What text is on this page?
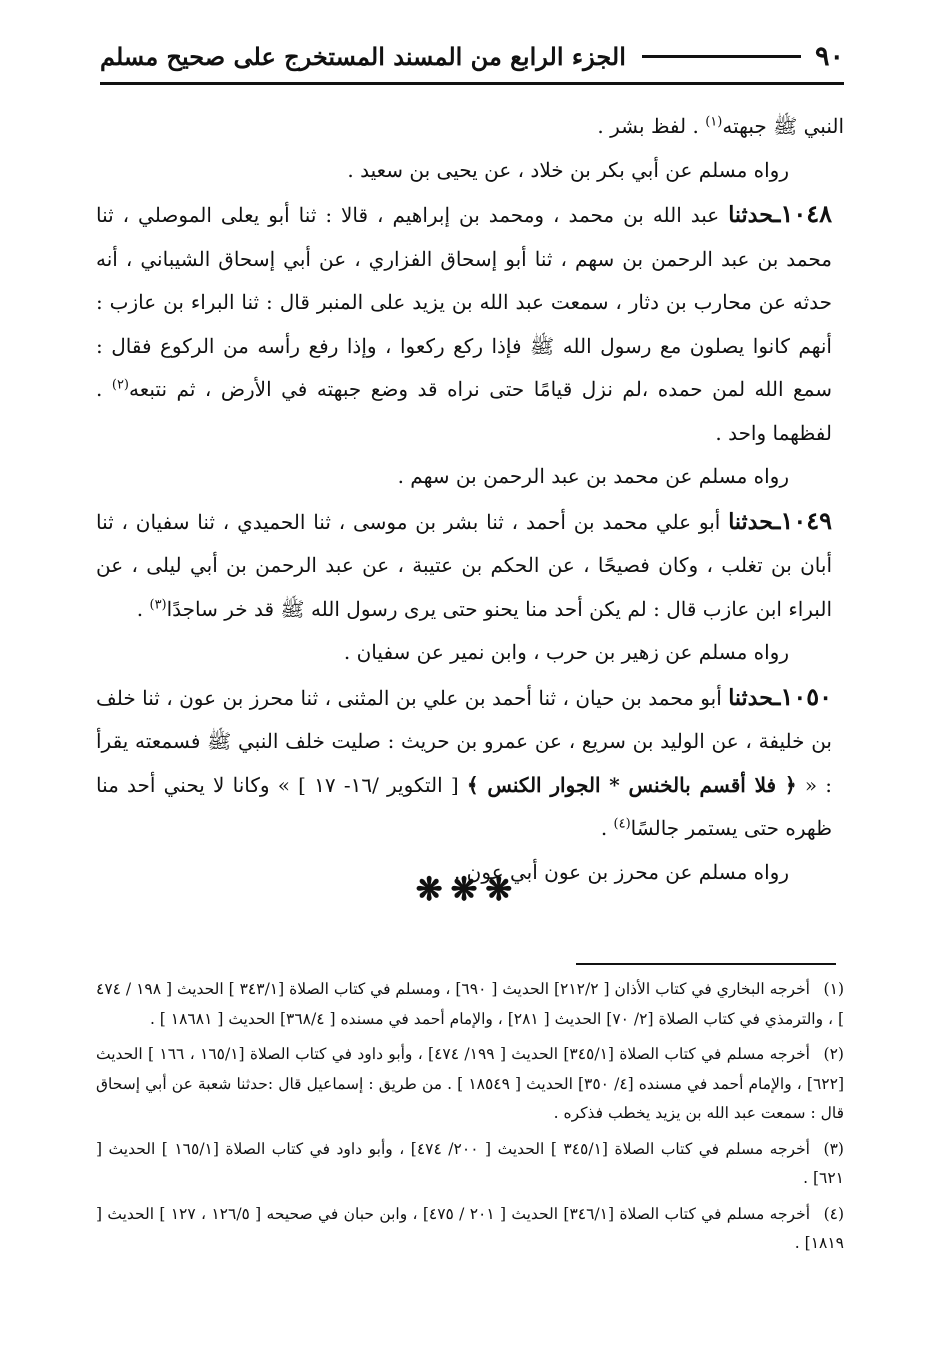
٩٠
الجزء الرابع من المسند المستخرج على صحيح مسلم

النبي ﷺ جبهته$^{(١)}$ . لفظ بشر .

رواه مسلم عن أبي بكر بن خلاد ، عن يحيى بن سعيد .

١٠٤٨ـحدثنا عبد الله بن محمد ، ومحمد بن إبراهيم ، قالا : ثنا أبو يعلى الموصلي ، ثنا محمد بن عبد الرحمن بن سهم ، ثنا أبو إسحاق الفزاري ، عن أبي إسحاق الشيباني ، أنه حدثه عن محارب بن دثار ، سمعت عبد الله بن يزيد على المنبر قال : ثنا البراء بن عازب : أنهم كانوا يصلون مع رسول الله ﷺ فإذا ركع ركعوا ، وإذا رفع رأسه من الركوع فقال : سمع الله لمن حمده ،لم نزل قيامًا حتى نراه قد وضع جبهته في الأرض ، ثم نتبعه$^{(٢)}$ . لفظهما واحد .

رواه مسلم عن محمد بن عبد الرحمن بن سهم .

١٠٤٩ـحدثنا أبو علي محمد بن أحمد ، ثنا بشر بن موسى ، ثنا الحميدي ، ثنا سفيان ، ثنا أبان بن تغلب ، وكان فصيحًا ، عن الحكم بن عتيبة ، عن عبد الرحمن بن أبي ليلى ، عن البراء ابن عازب قال : لم يكن أحد منا يحنو حتى يرى رسول الله ﷺ قد خر ساجدًا$^{(٣)}$ .

رواه مسلم عن زهير بن حرب ، وابن نمير عن سفيان .

١٠٥٠ـحدثنا أبو محمد بن حيان ، ثنا أحمد بن علي بن المثنى ، ثنا محرز بن عون ، ثنا خلف بن خليفة ، عن الوليد بن سريع ، عن عمرو بن حريث : صليت خلف النبي ﷺ فسمعته يقرأ : « ﴿ فلا أقسم بالخنس * الجوار الكنس ﴾ [ التكوير /١٦- ١٧ ] » وكانا لا يحني أحد منا ظهره حتى يستمر جالسًا$^{(٤)}$ .

رواه مسلم عن محرز بن عون أبي عون .

❋❋❋

(١)أخرجه البخاري في كتاب الأذان [ ٢١٢/٢] الحديث [ ٦٩٠] ، ومسلم في كتاب الصلاة [٣٤٣/١ ] الحديث [ ١٩٨ / ٤٧٤ ] ، والترمذي في كتاب الصلاة [٢/ ٧٠] الحديث [ ٢٨١] ، والإمام أحمد في مسنده [ ٣٦٨/٤] الحديث [ ١٨٦٨١ ] .

(٢)أخرجه مسلم في كتاب الصلاة [٣٤٥/١] الحديث [ ١٩٩/ ٤٧٤] ، وأبو داود في كتاب الصلاة [١٦٥/١ ، ١٦٦ ] الحديث [٦٢٢] ، والإمام أحمد في مسنده [٤/ ٣٥٠] الحديث [ ١٨٥٤٩ ] . من طريق : إسماعيل قال :حدثنا شعبة عن أبي إسحاق قال : سمعت عبد الله بن يزيد يخطب فذكره .

(٣)أخرجه مسلم في كتاب الصلاة [٣٤٥/١ ] الحديث [ ٢٠٠/ ٤٧٤] ، وأبو داود في كتاب الصلاة [١٦٥/١ ] الحديث [ ٦٢١] .

(٤)أخرجه مسلم في كتاب الصلاة [٣٤٦/١] الحديث [ ٢٠١ / ٤٧٥] ، وابن حبان في صحيحه [ ١٢٦/٥ ، ١٢٧ ] الحديث [ ١٨١٩] .
